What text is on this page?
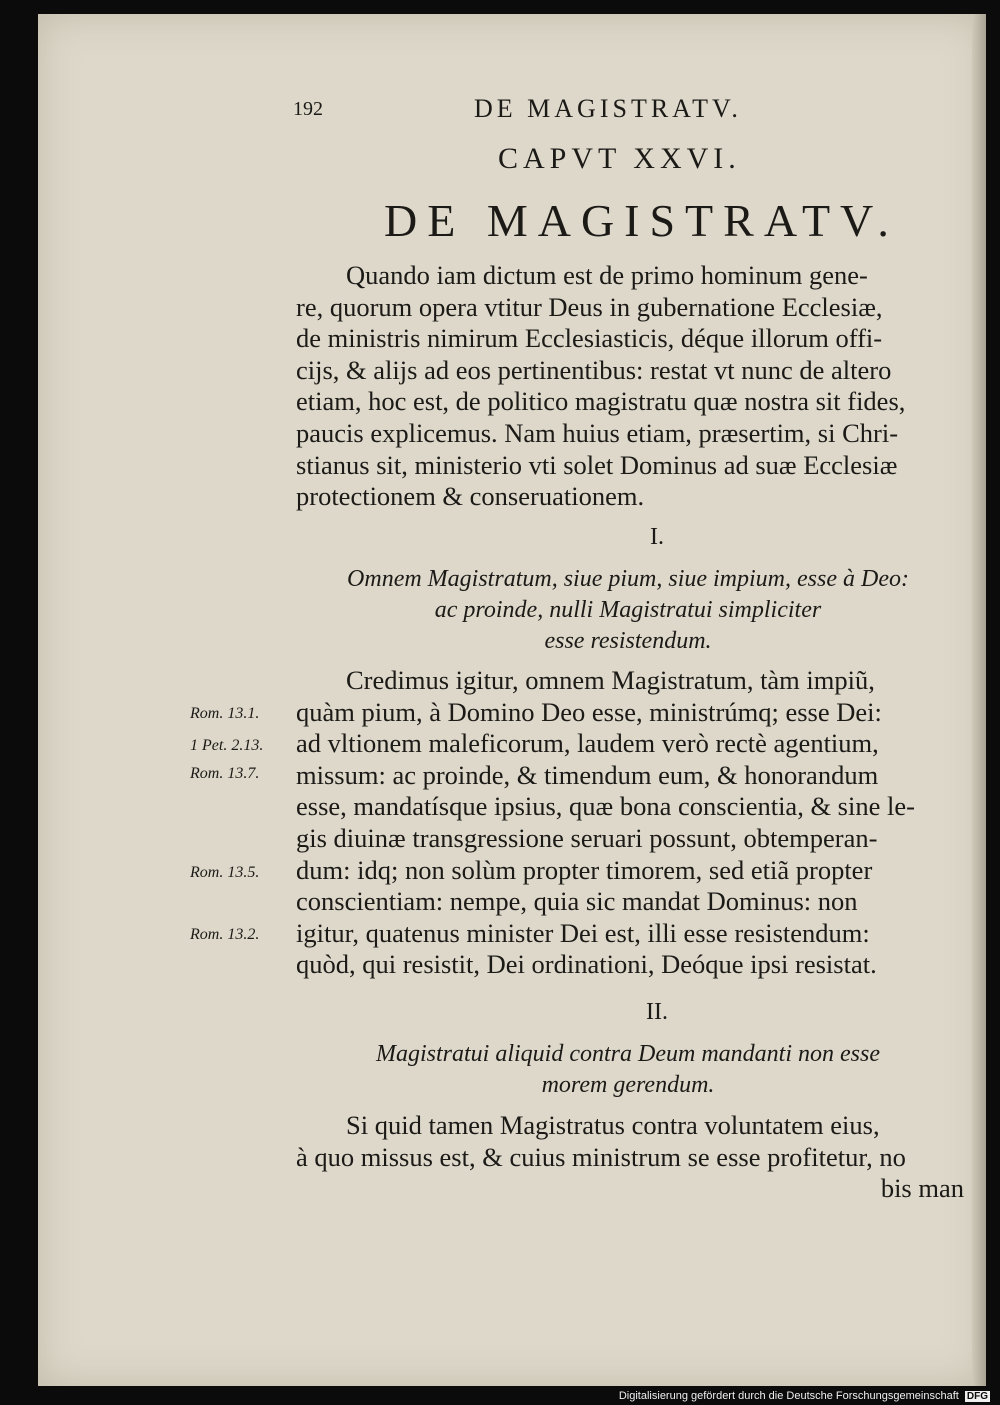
192	DE MAGISTRATV.
CAPVT XXVI.
DE MAGISTRATV.
Quando iam dictum est de primo hominum gene-
re, quorum opera vtitur Deus in gubernatione Ecclesiæ,
de ministris nimirum Ecclesiasticis, déque illorum offi-
cijs, & alijs ad eos pertinentibus: restat vt nunc de altero
etiam, hoc est, de politico magistratu quæ nostra sit fides,
paucis explicemus. Nam huius etiam, præsertim, si Chri-
stianus sit, ministerio vti solet Dominus ad suæ Ecclesiæ
protectionem & conseruationem.
I.
Omnem Magistratum, siue pium, siue impium, esse à Deo:
ac proinde, nulli Magistratui simpliciter
esse resistendum.
Credimus igitur, omnem Magistratum, tàm impiũ,
quàm pium, à Domino Deo esse, ministrúmq; esse Dei:
ad vltionem maleficorum, laudem verò rectè agentium,
missum: ac proinde, & timendum eum, & honorandum
esse, mandatísque ipsius, quæ bona conscientia, & sine le-
gis diuinæ transgressione seruari possunt, obtemperan-
dum: idq; non solùm propter timorem, sed etiã propter
conscientiam: nempe, quia sic mandat Dominus: non
igitur, quatenus minister Dei est, illi esse resistendum:
quòd, qui resistit, Dei ordinationi, Deóque ipsi resistat.
Rom. 13.1.
1 Pet. 2.13.
Rom. 13.7.
Rom. 13.5.
Rom. 13.2.
II.
Magistratui aliquid contra Deum mandanti non esse
morem gerendum.
Si quid tamen Magistratus contra voluntatem eius,
à quo missus est, & cuius ministrum se esse profitetur, no
bis man
Digitalisierung gefördert durch die Deutsche Forschungsgemeinschaft DFG
